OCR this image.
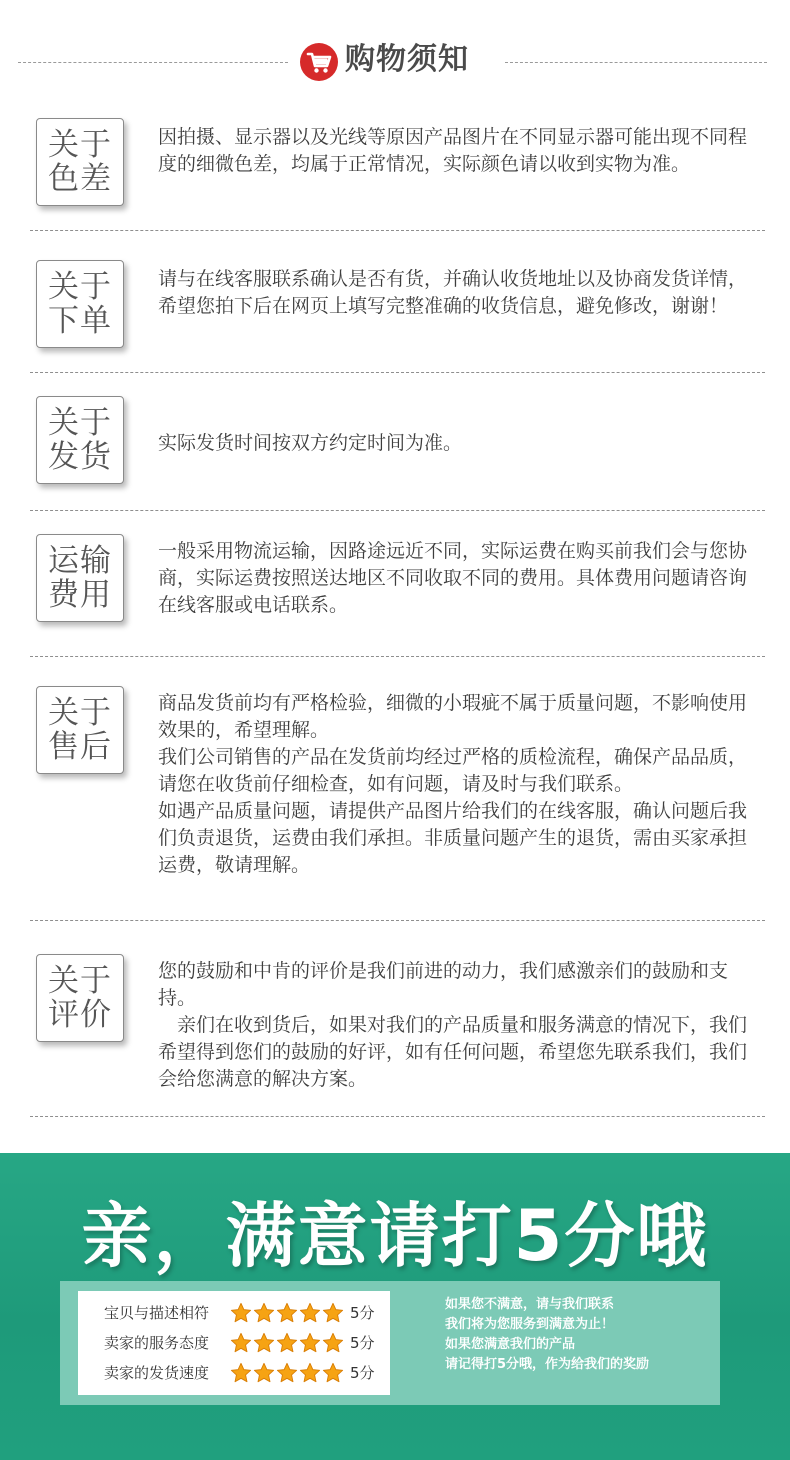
购物须知
关于
色差

因拍摄、显示器以及光线等原因产品图片在不同显示器可能出现不同程度的细微色差，均属于正常情况，实际颜色请以收到实物为准。

关于
下单

请与在线客服联系确认是否有货，并确认收货地址以及协商发货详情，希望您拍下后在网页上填写完整准确的收货信息，避免修改，谢谢！

关于
发货 实际发货时间按双方约定时间为准。

运输
费用

一般采用物流运输，因路途远近不同，实际运费在购买前我们会与您协商，实际运费按照送达地区不同收取不同的费用。具体费用问题请咨询在线客服或电话联系。

关于
售后

商品发货前均有严格检验，细微的小瑕疵不属于质量问题，不影响使用效果的，希望理解。

我们公司销售的产品在发货前均经过严格的质检流程，确保产品品质，请您在收货前仔细检查，如有问题，请及时与我们联系。

如遇产品质量问题，请提供产品图片给我们的在线客服，确认问题后我们负责退货，运费由我们承担。非质量问题产生的退货，需由买家承担运费，敬请理解。

关于
评价

您的鼓励和中肯的评价是我们前进的动力，我们感激亲们的鼓励和支持。

　亲们在收到货后，如果对我们的产品质量和服务满意的情况下，我们希望得到您们的鼓励的好评，如有任何问题，希望您先联系我们，我们会给您满意的解决方案。

亲，满意请打5分哦
宝贝与描述相符	5分
卖家的服务态度	5分
卖家的发货速度	5分
如果您不满意，请与我们联系
我们将为您服务到满意为止！
如果您满意我们的产品
请记得打5分哦，作为给我们的奖励
